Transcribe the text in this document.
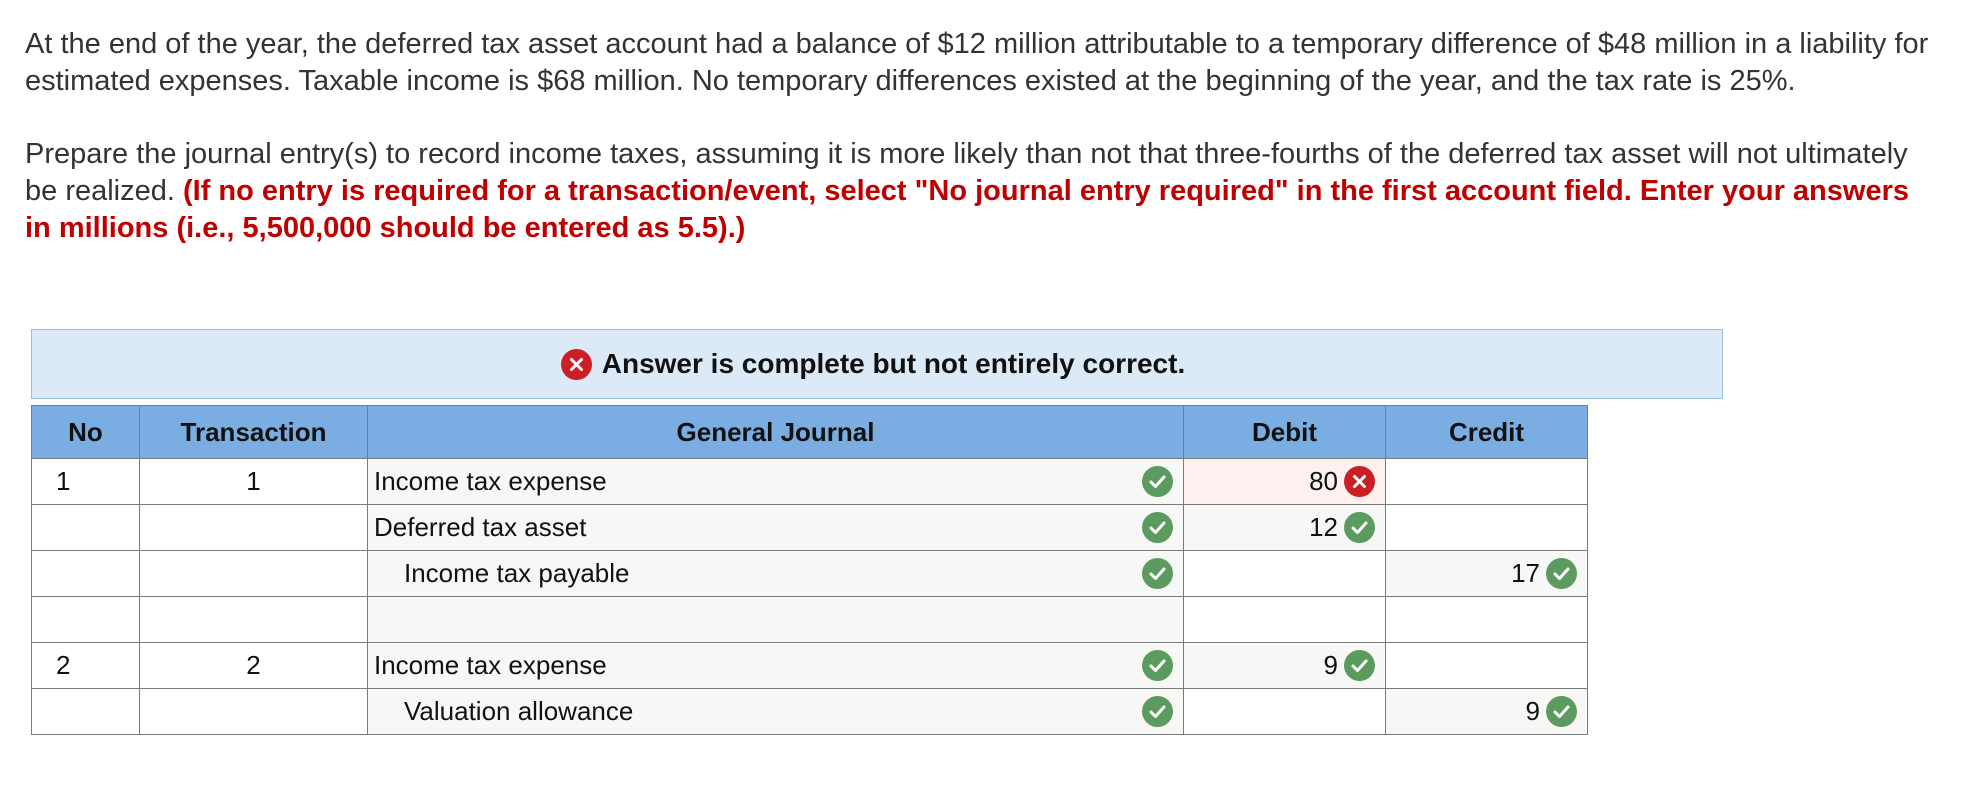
At the end of the year, the deferred tax asset account had a balance of $12 million attributable to a temporary difference of $48 million in a liability for estimated expenses. Taxable income is $68 million. No temporary differences existed at the beginning of the year, and the tax rate is 25%.

Prepare the journal entry(s) to record income taxes, assuming it is more likely than not that three-fourths of the deferred tax asset will not ultimately be realized. (If no entry is required for a transaction/event, select "No journal entry required" in the first account field. Enter your answers in millions (i.e., 5,500,000 should be entered as 5.5).)

Answer is complete but not entirely correct.
No	Transaction	General Journal	Debit	Credit
1	1	Income tax expense	80	

		Deferred tax asset	12	

		Income tax payable		17

2	2	Income tax expense	9	

		Valuation allowance		9
